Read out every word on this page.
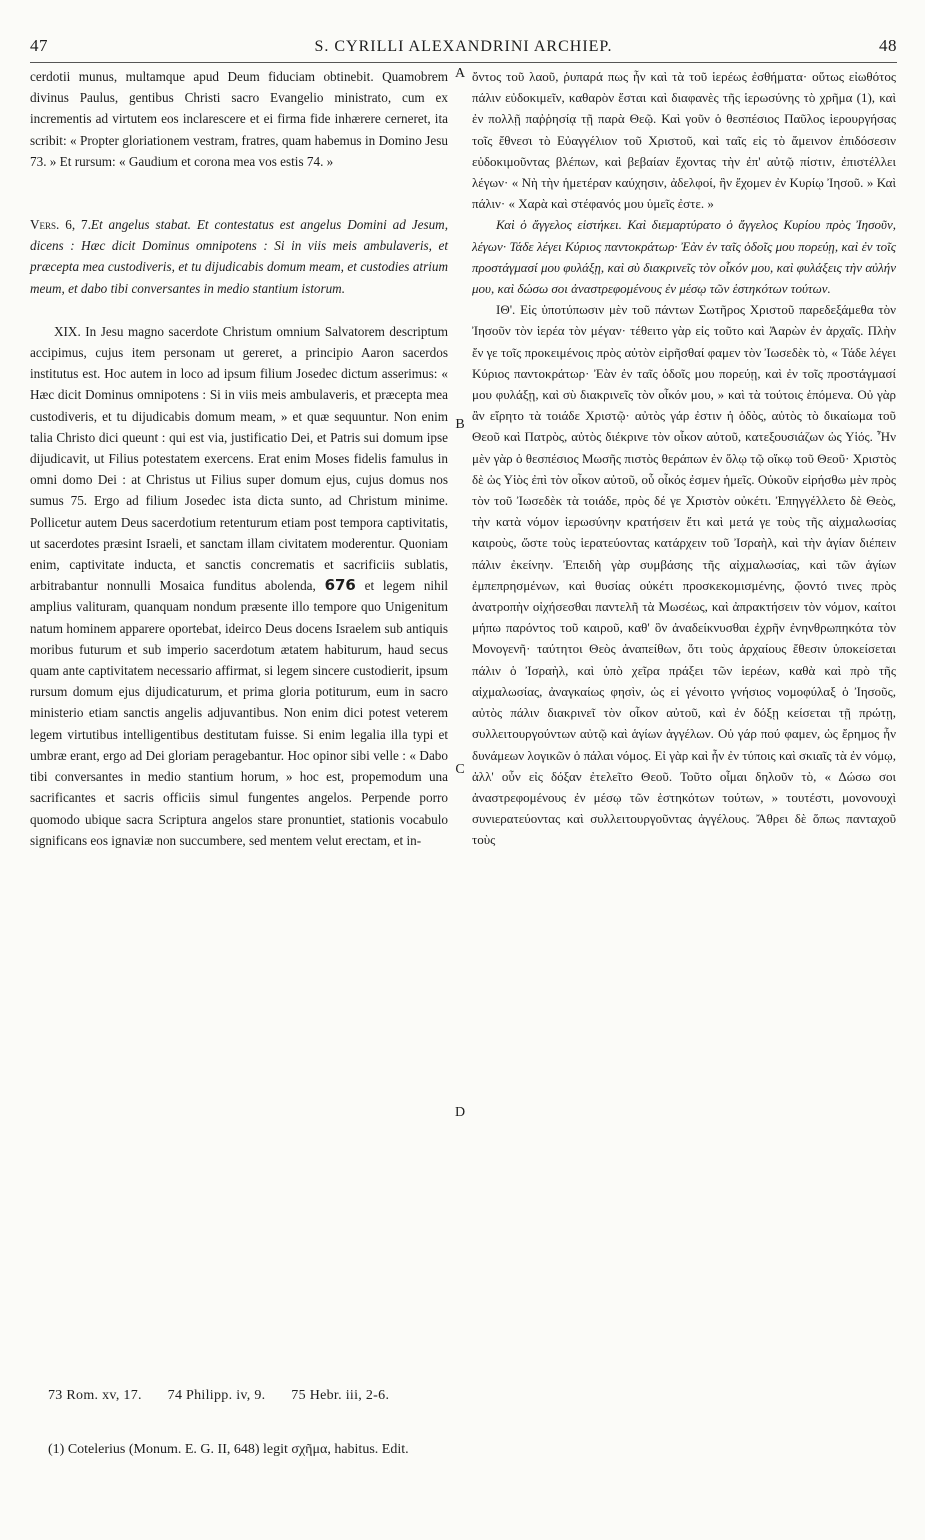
47	S. CYRILLI ALEXANDRINI ARCHIEP.	48
A
B
C
D

cerdotii munus, multamque apud Deum fiduciam obtinebit. Quamobrem divinus Paulus, gentibus Christi sacro Evangelio ministrato, cum ex incrementis ad virtutem eos inclarescere et ei firma fide inhærere cerneret, ita scribit: « Propter gloriationem vestram, fratres, quam habemus in Domino Jesu 73. » Et rursum: « Gaudium et corona mea vos estis 74. »

Vers. 6, 7.Et angelus stabat. Et contestatus est angelus Domini ad Jesum, dicens : Hæc dicit Dominus omnipotens : Si in viis meis ambulaveris, et præcepta mea custodiveris, et tu dijudicabis domum meam, et custodies atrium meum, et dabo tibi conversantes in medio stantium istorum.

XIX. In Jesu magno sacerdote Christum omnium Salvatorem descriptum accipimus, cujus item personam ut gereret, a principio Aaron sacerdos institutus est. Hoc autem in loco ad ipsum filium Josedec dictum asserimus: « Hæc dicit Dominus omnipotens : Si in viis meis ambulaveris, et præcepta mea custodiveris, et tu dijudicabis domum meam, » et quæ sequuntur. Non enim talia Christo dici queunt : qui est via, justificatio Dei, et Patris sui domum ipse dijudicavit, ut Filius potestatem exercens. Erat enim Moses fidelis famulus in omni domo Dei : at Christus ut Filius super domum ejus, cujus domus nos sumus 75. Ergo ad filium Josedec ista dicta sunto, ad Christum minime. Pollicetur autem Deus sacerdotium retenturum etiam post tempora captivitatis, ut sacerdotes præsint Israeli, et sanctam illam civitatem moderentur. Quoniam enim, captivitate inducta, et sanctis concrematis et sacrificiis sublatis, arbitrabantur nonnulli Mosaica funditus abolenda, 676 et legem nihil amplius valituram, quanquam nondum præsente illo tempore quo Unigenitum natum hominem apparere oportebat, ideirco Deus docens Israelem sub antiquis moribus futurum et sub imperio sacerdotum ætatem habiturum, haud secus quam ante captivitatem necessario affirmat, si legem sincere custodierit, ipsum rursum domum ejus dijudicaturum, et prima gloria potiturum, eum in sacro ministerio etiam sanctis angelis adjuvantibus. Non enim dici potest veterem legem virtutibus intelligentibus destitutam fuisse. Si enim legalia illa typi et umbræ erant, ergo ad Dei gloriam peragebantur. Hoc opinor sibi velle : « Dabo tibi conversantes in medio stantium horum, » hoc est, propemodum una sacrificantes et sacris officiis simul fungentes angelos. Perpende porro quomodo ubique sacra Scriptura angelos stare pronuntiet, stationis vocabulo significans eos ignaviæ non succumbere, sed mentem velut erectam, et in-

ὄντος τοῦ λαοῦ, ῥυπαρά πως ἦν καὶ τὰ τοῦ ἱερέως ἐσθήματα· οὕτως εἰωθότος πάλιν εὐδοκιμεῖν, καθαρὸν ἔσται καὶ διαφανὲς τῆς ἱερωσύνης τὸ χρῆμα (1), καὶ ἐν πολλῇ παῤῥησίᾳ τῇ παρὰ Θεῷ. Καὶ γοῦν ὁ θεσπέσιος Παῦλος ἱερουργήσας τοῖς ἔθνεσι τὸ Εὐαγγέλιον τοῦ Χριστοῦ, καὶ ταῖς εἰς τὸ ἄμεινον ἐπιδόσεσιν εὐδοκιμοῦντας βλέπων, καὶ βεβαίαν ἔχοντας τὴν ἐπ' αὐτῷ πίστιν, ἐπιστέλλει λέγων· « Νὴ τὴν ἡμετέραν καύχησιν, ἀδελφοί, ἣν ἔχομεν ἐν Κυρίῳ Ἰησοῦ. » Καὶ πάλιν· « Χαρὰ καὶ στέφανός μου ὑμεῖς ἐστε. »

Καὶ ὁ ἄγγελος εἱστήκει. Καὶ διεμαρτύρατο ὁ ἄγγελος Κυρίου πρὸς Ἰησοῦν, λέγων· Τάδε λέγει Κύριος παντοκράτωρ· Ἐὰν ἐν ταῖς ὁδοῖς μου πορεύῃ, καὶ ἐν τοῖς προστάγμασί μου φυλάξῃ, καὶ σὺ διακρινεῖς τὸν οἶκόν μου, καὶ φυλάξεις τὴν αὐλήν μου, καὶ δώσω σοι ἀναστρεφομένους ἐν μέσῳ τῶν ἑστηκότων τούτων.

ΙΘ'. Εἰς ὑποτύπωσιν μὲν τοῦ πάντων Σωτῆρος Χριστοῦ παρεδεξάμεθα τὸν Ἰησοῦν τὸν ἱερέα τὸν μέγαν· τέθειτο γὰρ εἰς τοῦτο καὶ Ἀαρὼν ἐν ἀρχαῖς. Πλὴν ἔν γε τοῖς προκειμένοις πρὸς αὐτὸν εἰρῆσθαί φαμεν τὸν Ἰωσεδὲκ τὸ, « Τάδε λέγει Κύριος παντοκράτωρ· Ἐὰν ἐν ταῖς ὁδοῖς μου πορεύῃ, καὶ ἐν τοῖς προστάγμασί μου φυλάξῃ, καὶ σὺ διακρινεῖς τὸν οἶκόν μου, » καὶ τὰ τούτοις ἑπόμενα. Οὐ γὰρ ἂν εἴρητο τὰ τοιάδε Χριστῷ· αὐτὸς γάρ ἐστιν ἡ ὁδὸς, αὐτὸς τὸ δικαίωμα τοῦ Θεοῦ καὶ Πατρὸς, αὐτὸς διέκρινε τὸν οἶκον αὐτοῦ, κατεξουσιάζων ὡς Υἱός. Ἦν μὲν γὰρ ὁ θεσπέσιος Μωσῆς πιστὸς θεράπων ἐν ὅλῳ τῷ οἴκῳ τοῦ Θεοῦ· Χριστὸς δὲ ὡς Υἱὸς ἐπὶ τὸν οἶκον αὐτοῦ, οὗ οἶκός ἐσμεν ἡμεῖς. Οὐκοῦν εἰρήσθω μὲν πρὸς τὸν τοῦ Ἰωσεδὲκ τὰ τοιάδε, πρὸς δέ γε Χριστὸν οὐκέτι. Ἐπηγγέλλετο δὲ Θεὸς, τὴν κατὰ νόμον ἱερωσύνην κρατήσειν ἔτι καὶ μετά γε τοὺς τῆς αἰχμαλωσίας καιροὺς, ὥστε τοὺς ἱερατεύοντας κατάρχειν τοῦ Ἰσραὴλ, καὶ τὴν ἁγίαν διέπειν πάλιν ἐκείνην. Ἐπειδὴ γὰρ συμβάσης τῆς αἰχμαλωσίας, καὶ τῶν ἁγίων ἐμπεπρησμένων, καὶ θυσίας οὐκέτι προσκεκομισμένης, ᾤοντό τινες πρὸς ἀνατροπὴν οἰχήσεσθαι παντελῆ τὰ Μωσέως, καὶ ἀπρακτήσειν τὸν νόμον, καίτοι μήπω παρόντος τοῦ καιροῦ, καθ' ὃν ἀναδείκνυσθαι ἐχρῆν ἐνηνθρωπηκότα τὸν Μονογενῆ· ταύτητοι Θεὸς ἀναπείθων, ὅτι τοὺς ἀρχαίους ἔθεσιν ὑποκείσεται πάλιν ὁ Ἰσραὴλ, καὶ ὑπὸ χεῖρα πράξει τῶν ἱερέων, καθὰ καὶ πρὸ τῆς αἰχμαλωσίας, ἀναγκαίως φησὶν, ὡς εἰ γένοιτο γνήσιος νομοφύλαξ ὁ Ἰησοῦς, αὐτὸς πάλιν διακρινεῖ τὸν οἶκον αὐτοῦ, καὶ ἐν δόξῃ κείσεται τῇ πρώτῃ, συλλειτουργούντων αὐτῷ καὶ ἁγίων ἀγγέλων. Οὐ γάρ πού φαμεν, ὡς ἔρημος ἦν δυνάμεων λογικῶν ὁ πάλαι νόμος. Εἰ γὰρ καὶ ἦν ἐν τύποις καὶ σκιαῖς τὰ ἐν νόμῳ, ἀλλ' οὖν εἰς δόξαν ἐτελεῖτο Θεοῦ. Τοῦτο οἶμαι δηλοῦν τὸ, « Δώσω σοι ἀναστρεφομένους ἐν μέσῳ τῶν ἑστηκότων τούτων, » τουτέστι, μονονουχὶ συνιερατεύοντας καὶ συλλειτουργοῦντας ἀγγέλους. Ἄθρει δὲ ὅπως πανταχοῦ τοὺς

73 Rom. xv, 17. 74 Philipp. iv, 9. 75 Hebr. iii, 2-6.
(1) Cotelerius (Monum. E. G. II, 648) legit σχῆμα, habitus. Edit.
